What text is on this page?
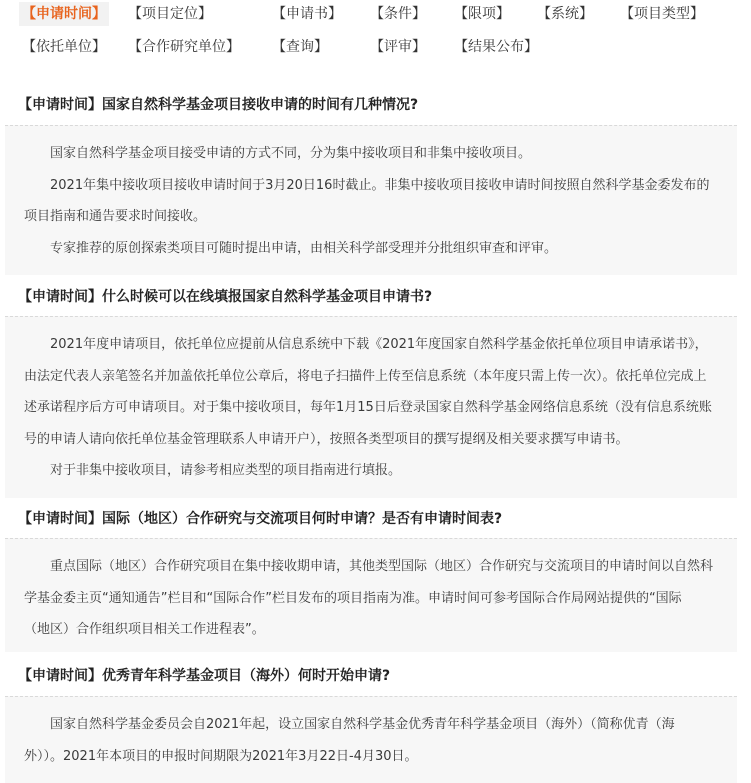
【申请时间】 【项目定位】	【申请书】 【条件】 【限项】 【系统】 【项目类型】
【依托单位】 【合作研究单位】 【查询】	【评审】 【结果公布】
【申请时间】国家自然科学基金项目接收申请的时间有几种情况?

国家自然科学基金项目接受申请的方式不同，分为集中接收项目和非集中接收项目。

2021年集中接收项目接收申请时间于3月20日16时截止。非集中接收项目接收申请时间按照自然科学基金委发布的

项目指南和通告要求时间接收。

专家推荐的原创探索类项目可随时提出申请，由相关科学部受理并分批组织审查和评审。

【申请时间】什么时候可以在线填报国家自然科学基金项目申请书?

2021年度申请项目，依托单位应提前从信息系统中下载《2021年度国家自然科学基金依托单位项目申请承诺书》，

由法定代表人亲笔签名并加盖依托单位公章后，将电子扫描件上传至信息系统（本年度只需上传一次）。依托单位完成上

述承诺程序后方可申请项目。对于集中接收项目，每年1月15日后登录国家自然科学基金网络信息系统（没有信息系统账

号的申请人请向依托单位基金管理联系人申请开户），按照各类型项目的撰写提纲及相关要求撰写申请书。

对于非集中接收项目，请参考相应类型的项目指南进行填报。

【申请时间】国际（地区）合作研究与交流项目何时申请？是否有申请时间表?

重点国际（地区）合作研究项目在集中接收期申请，其他类型国际（地区）合作研究与交流项目的申请时间以自然科

学基金委主页“通知通告”栏目和“国际合作”栏目发布的项目指南为准。申请时间可参考国际合作局网站提供的“国际

（地区）合作组织项目相关工作进程表”。

【申请时间】优秀青年科学基金项目（海外）何时开始申请?

国家自然科学基金委员会自2021年起，设立国家自然科学基金优秀青年科学基金项目（海外）（简称优青（海

外））。2021年本项目的申报时间期限为2021年3月22日-4月30日。
